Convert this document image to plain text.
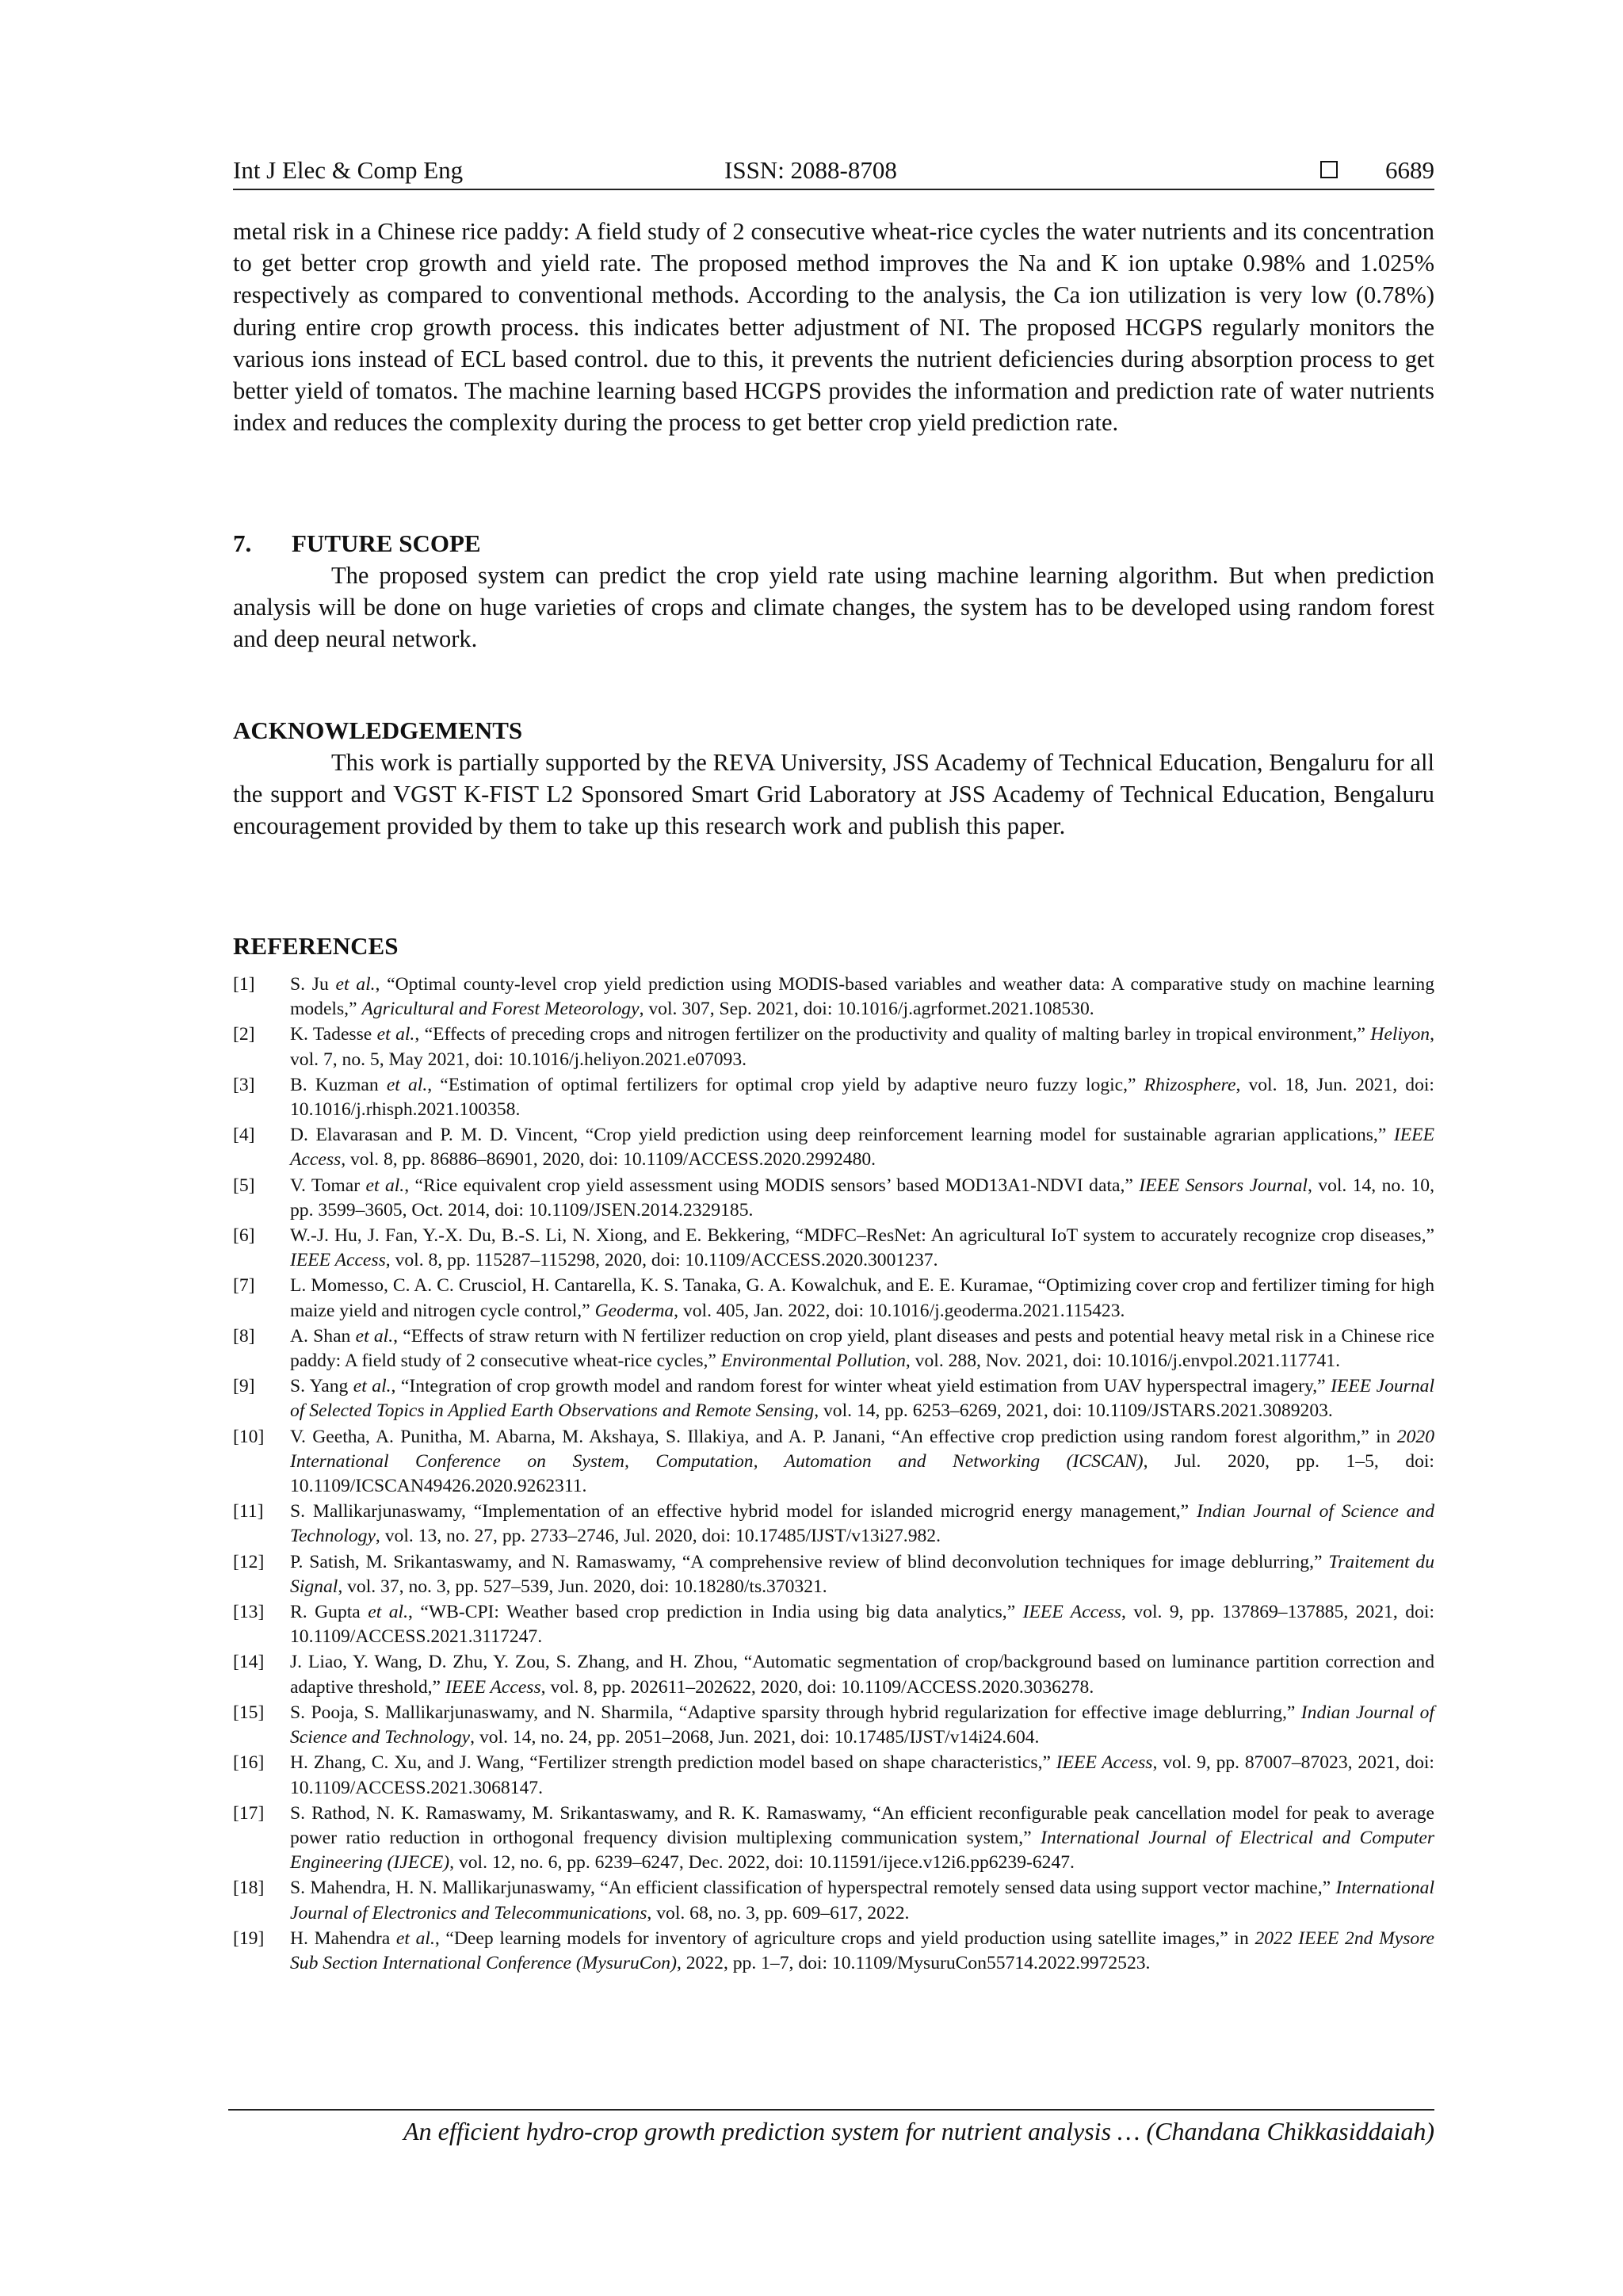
Int J Elec & Comp Eng	ISSN: 2088-8708	6689

metal risk in a Chinese rice paddy: A field study of 2 consecutive wheat-rice cycles the water nutrients and its concentration to get better crop growth and yield rate. The proposed method improves the Na and K ion uptake 0.98% and 1.025% respectively as compared to conventional methods. According to the analysis, the Ca ion utilization is very low (0.78%) during entire crop growth process. this indicates better adjustment of NI. The proposed HCGPS regularly monitors the various ions instead of ECL based control. due to this, it prevents the nutrient deficiencies during absorption process to get better yield of tomatos. The machine learning based HCGPS provides the information and prediction rate of water nutrients index and reduces the complexity during the process to get better crop yield prediction rate.

7. FUTURE SCOPE

The proposed system can predict the crop yield rate using machine learning algorithm. But when prediction analysis will be done on huge varieties of crops and climate changes, the system has to be developed using random forest and deep neural network.

ACKNOWLEDGEMENTS

This work is partially supported by the REVA University, JSS Academy of Technical Education, Bengaluru for all the support and VGST K-FIST L2 Sponsored Smart Grid Laboratory at JSS Academy of Technical Education, Bengaluru encouragement provided by them to take up this research work and publish this paper.

REFERENCES
[1] S. Ju et al., “Optimal county-level crop yield prediction using MODIS-based variables and weather data: A comparative study on machine learning models,” Agricultural and Forest Meteorology, vol. 307, Sep. 2021, doi: 10.1016/j.agrformet.2021.108530.
[2] K. Tadesse et al., “Effects of preceding crops and nitrogen fertilizer on the productivity and quality of malting barley in tropical environment,” Heliyon, vol. 7, no. 5, May 2021, doi: 10.1016/j.heliyon.2021.e07093.
[3] B. Kuzman et al., “Estimation of optimal fertilizers for optimal crop yield by adaptive neuro fuzzy logic,” Rhizosphere, vol. 18, Jun. 2021, doi: 10.1016/j.rhisph.2021.100358.
[4] D. Elavarasan and P. M. D. Vincent, “Crop yield prediction using deep reinforcement learning model for sustainable agrarian applications,” IEEE Access, vol. 8, pp. 86886–86901, 2020, doi: 10.1109/ACCESS.2020.2992480.
[5] V. Tomar et al., “Rice equivalent crop yield assessment using MODIS sensors’ based MOD13A1-NDVI data,” IEEE Sensors Journal, vol. 14, no. 10, pp. 3599–3605, Oct. 2014, doi: 10.1109/JSEN.2014.2329185.
[6] W.-J. Hu, J. Fan, Y.-X. Du, B.-S. Li, N. Xiong, and E. Bekkering, “MDFC–ResNet: An agricultural IoT system to accurately recognize crop diseases,” IEEE Access, vol. 8, pp. 115287–115298, 2020, doi: 10.1109/ACCESS.2020.3001237.
[7] L. Momesso, C. A. C. Crusciol, H. Cantarella, K. S. Tanaka, G. A. Kowalchuk, and E. E. Kuramae, “Optimizing cover crop and fertilizer timing for high maize yield and nitrogen cycle control,” Geoderma, vol. 405, Jan. 2022, doi: 10.1016/j.geoderma.2021.115423.
[8] A. Shan et al., “Effects of straw return with N fertilizer reduction on crop yield, plant diseases and pests and potential heavy metal risk in a Chinese rice paddy: A field study of 2 consecutive wheat-rice cycles,” Environmental Pollution, vol. 288, Nov. 2021, doi: 10.1016/j.envpol.2021.117741.
[9] S. Yang et al., “Integration of crop growth model and random forest for winter wheat yield estimation from UAV hyperspectral imagery,” IEEE Journal of Selected Topics in Applied Earth Observations and Remote Sensing, vol. 14, pp. 6253–6269, 2021, doi: 10.1109/JSTARS.2021.3089203.
[10] V. Geetha, A. Punitha, M. Abarna, M. Akshaya, S. Illakiya, and A. P. Janani, “An effective crop prediction using random forest algorithm,” in 2020 International Conference on System, Computation, Automation and Networking (ICSCAN), Jul. 2020, pp. 1–5, doi: 10.1109/ICSCAN49426.2020.9262311.
[11] S. Mallikarjunaswamy, “Implementation of an effective hybrid model for islanded microgrid energy management,” Indian Journal of Science and Technology, vol. 13, no. 27, pp. 2733–2746, Jul. 2020, doi: 10.17485/IJST/v13i27.982.
[12] P. Satish, M. Srikantaswamy, and N. Ramaswamy, “A comprehensive review of blind deconvolution techniques for image deblurring,” Traitement du Signal, vol. 37, no. 3, pp. 527–539, Jun. 2020, doi: 10.18280/ts.370321.
[13] R. Gupta et al., “WB-CPI: Weather based crop prediction in India using big data analytics,” IEEE Access, vol. 9, pp. 137869–137885, 2021, doi: 10.1109/ACCESS.2021.3117247.
[14] J. Liao, Y. Wang, D. Zhu, Y. Zou, S. Zhang, and H. Zhou, “Automatic segmentation of crop/background based on luminance partition correction and adaptive threshold,” IEEE Access, vol. 8, pp. 202611–202622, 2020, doi: 10.1109/ACCESS.2020.3036278.
[15] S. Pooja, S. Mallikarjunaswamy, and N. Sharmila, “Adaptive sparsity through hybrid regularization for effective image deblurring,” Indian Journal of Science and Technology, vol. 14, no. 24, pp. 2051–2068, Jun. 2021, doi: 10.17485/IJST/v14i24.604.
[16] H. Zhang, C. Xu, and J. Wang, “Fertilizer strength prediction model based on shape characteristics,” IEEE Access, vol. 9, pp. 87007–87023, 2021, doi: 10.1109/ACCESS.2021.3068147.
[17] S. Rathod, N. K. Ramaswamy, M. Srikantaswamy, and R. K. Ramaswamy, “An efficient reconfigurable peak cancellation model for peak to average power ratio reduction in orthogonal frequency division multiplexing communication system,” International Journal of Electrical and Computer Engineering (IJECE), vol. 12, no. 6, pp. 6239–6247, Dec. 2022, doi: 10.11591/ijece.v12i6.pp6239-6247.
[18] S. Mahendra, H. N. Mallikarjunaswamy, “An efficient classification of hyperspectral remotely sensed data using support vector machine,” International Journal of Electronics and Telecommunications, vol. 68, no. 3, pp. 609–617, 2022.
[19] H. Mahendra et al., “Deep learning models for inventory of agriculture crops and yield production using satellite images,” in 2022 IEEE 2nd Mysore Sub Section International Conference (MysuruCon), 2022, pp. 1–7, doi: 10.1109/MysuruCon55714.2022.9972523.
An efficient hydro-crop growth prediction system for nutrient analysis … (Chandana Chikkasiddaiah)
